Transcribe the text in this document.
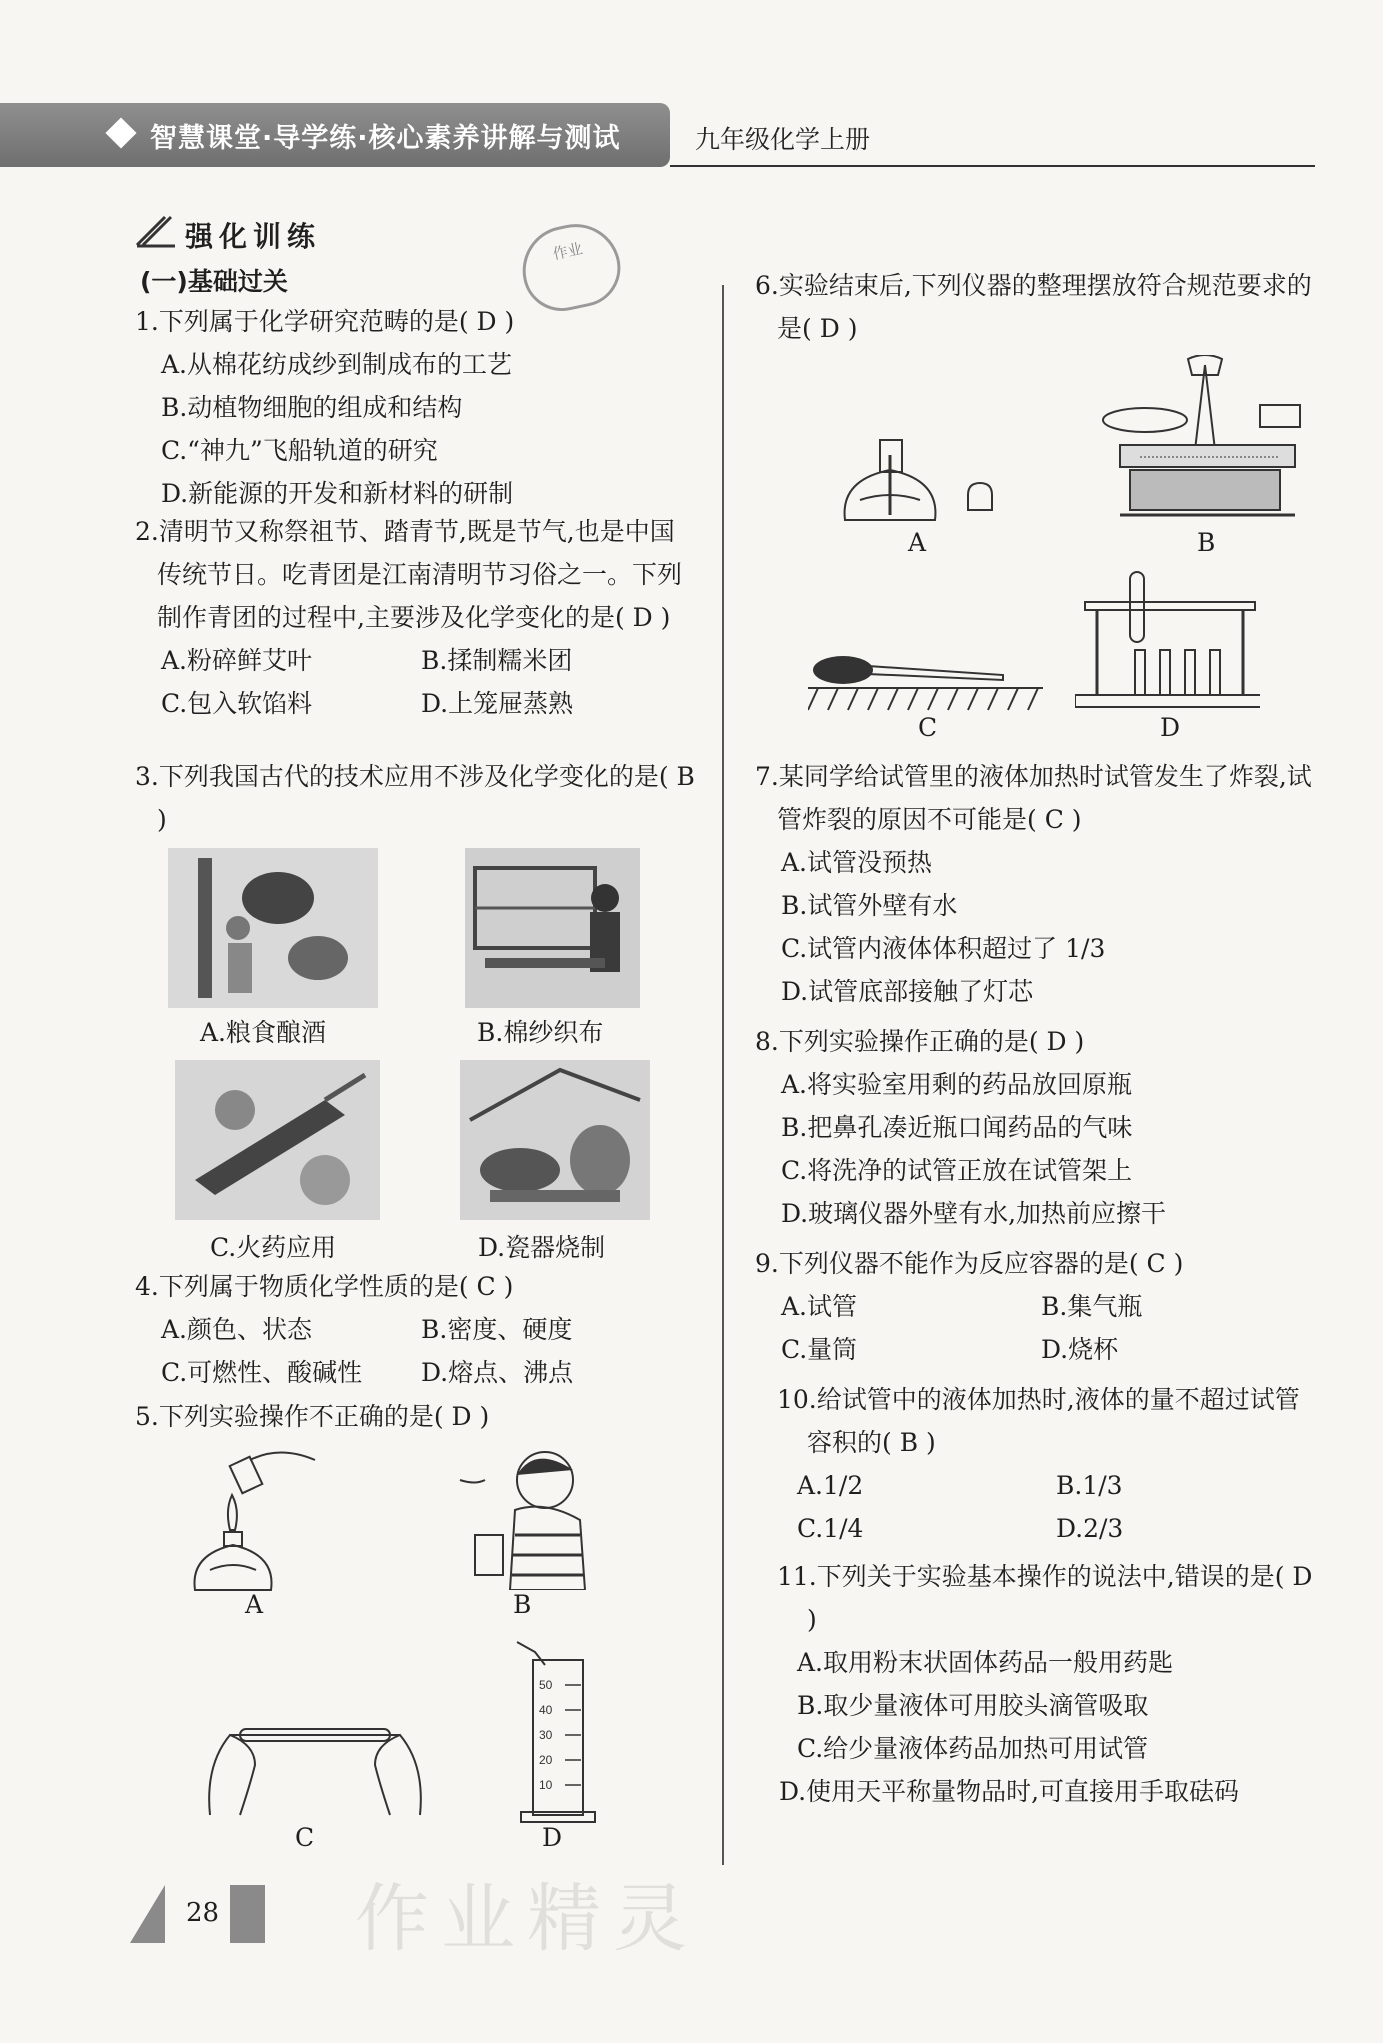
智慧课堂·导学练·核心素养讲解与测试	九年级化学上册
强化训练
(一)基础过关
作业
1.下列属于化学研究范畴的是( D )
A.从棉花纺成纱到制成布的工艺
B.动植物细胞的组成和结构
C.“神九”飞船轨道的研究
D.新能源的开发和新材料的研制
2.清明节又称祭祖节、踏青节,既是节气,也是中国传统节日。吃青团是江南清明节习俗之一。下列制作青团的过程中,主要涉及化学变化的是( D )
A.粉碎鲜艾叶	B.揉制糯米团
C.包入软馅料	D.上笼屉蒸熟
3.下列我国古代的技术应用不涉及化学变化的是( B )
A.粮食酿酒	B.棉纱织布
C.火药应用	D.瓷器烧制
4.下列属于物质化学性质的是( C )
A.颜色、状态	B.密度、硬度
C.可燃性、酸碱性	D.熔点、沸点
5.下列实验操作不正确的是( D )
A	B
50
40
30
20
10
C	D
6.实验结束后,下列仪器的整理摆放符合规范要求的是( D )
A	B
C	D
7.某同学给试管里的液体加热时试管发生了炸裂,试管炸裂的原因不可能是( C )
A.试管没预热
B.试管外壁有水
C.试管内液体体积超过了 1/3
D.试管底部接触了灯芯
8.下列实验操作正确的是( D )
A.将实验室用剩的药品放回原瓶
B.把鼻孔凑近瓶口闻药品的气味
C.将洗净的试管正放在试管架上
D.玻璃仪器外壁有水,加热前应擦干
9.下列仪器不能作为反应容器的是( C )
A.试管	B.集气瓶
C.量筒	D.烧杯
10.给试管中的液体加热时,液体的量不超过试管容积的( B )
A.1/2	B.1/3
C.1/4	D.2/3
11.下列关于实验基本操作的说法中,错误的是( D )
A.取用粉末状固体药品一般用药匙
B.取少量液体可用胶头滴管吸取
C.给少量液体药品加热可用试管
D.使用天平称量物品时,可直接用手取砝码
28 作业精灵
